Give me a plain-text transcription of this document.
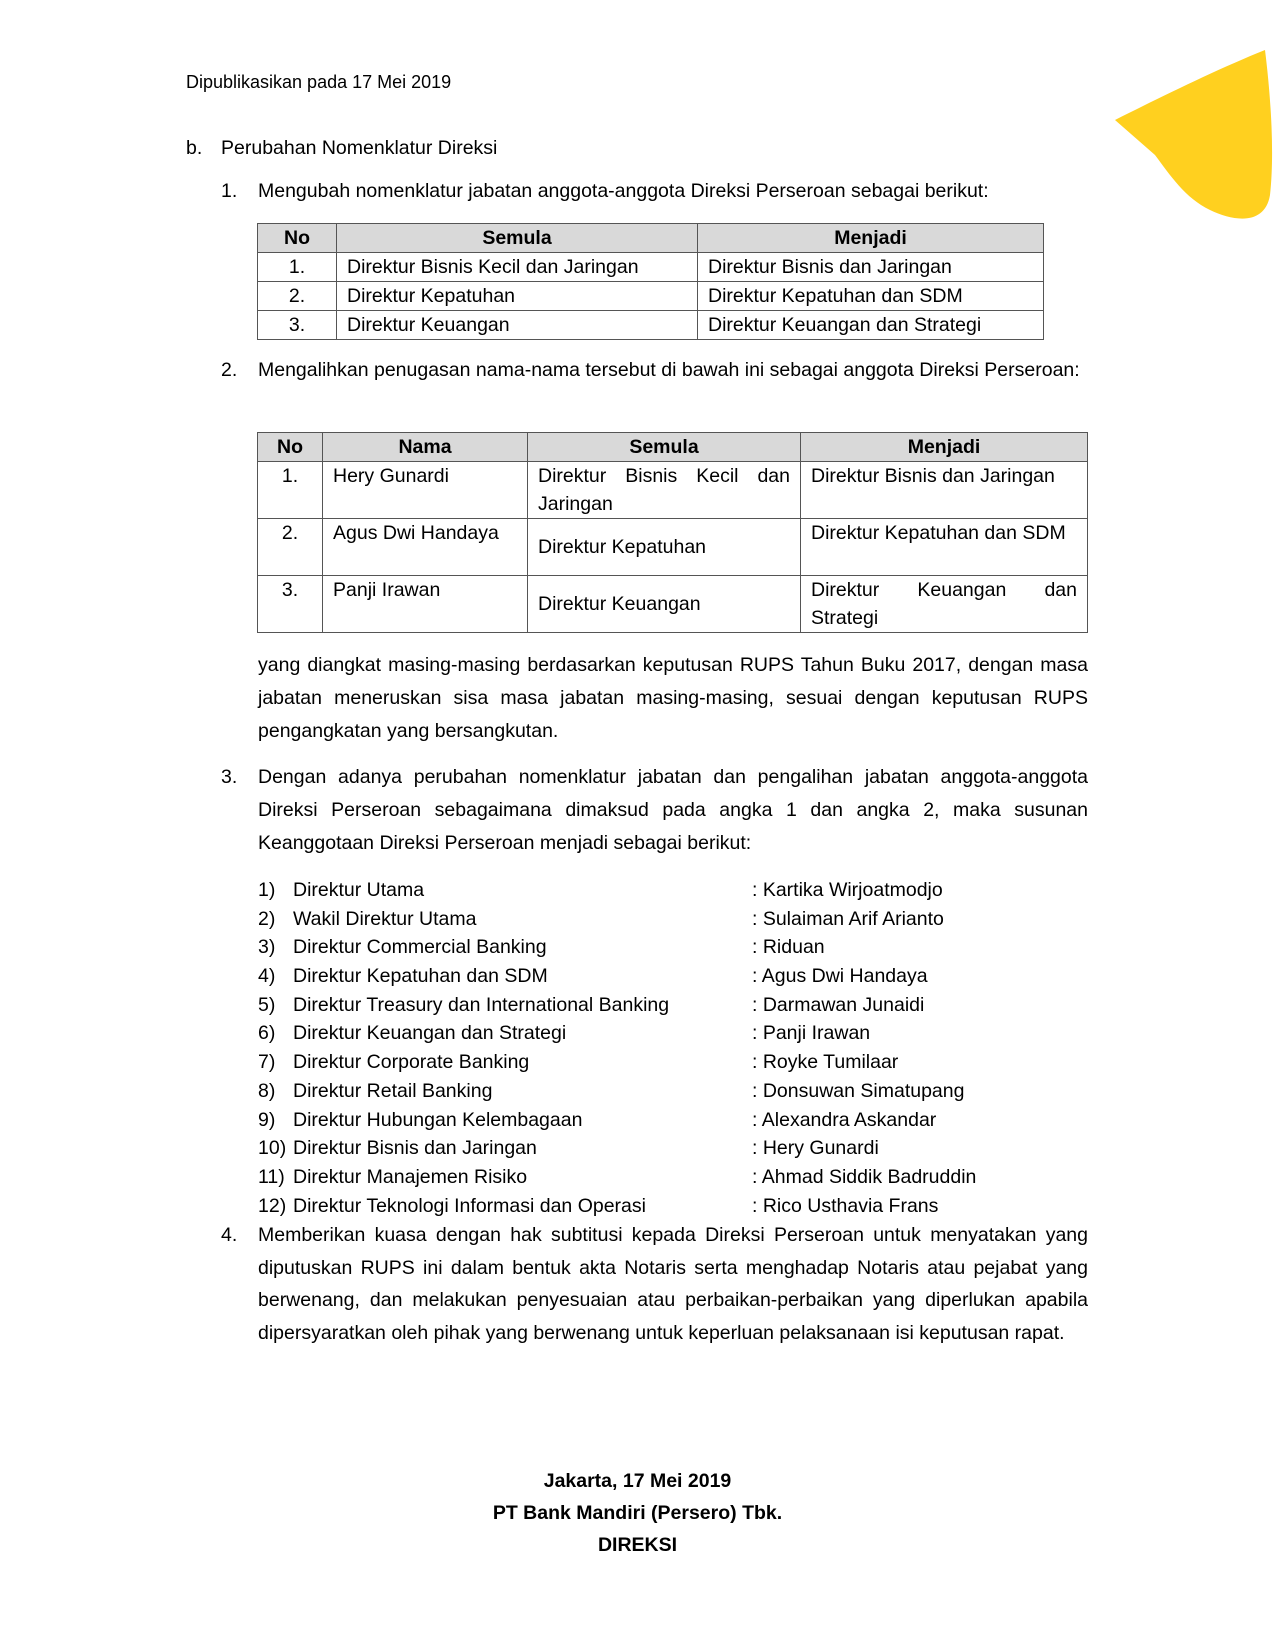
Dipublikasikan pada 17 Mei 2019
b. Perubahan Nomenklatur Direksi
1. Mengubah nomenklatur jabatan anggota-anggota Direksi Perseroan sebagai berikut:
No	Semula	Menjadi
1.	Direktur Bisnis Kecil dan Jaringan	Direktur Bisnis dan Jaringan
2.	Direktur Kepatuhan	Direktur Kepatuhan dan SDM
3.	Direktur Keuangan	Direktur Keuangan dan Strategi
2. Mengalihkan penugasan nama-nama tersebut di bawah ini sebagai anggota Direksi Perseroan:
No	Nama	Semula	Menjadi
1.	Hery Gunardi	Direktur Bisnis Kecil dan Jaringan	Direktur Bisnis dan Jaringan
2.	Agus Dwi Handaya	Direktur Kepatuhan	Direktur Kepatuhan dan SDM
3.	Panji Irawan	Direktur Keuangan	Direktur Keuangan dan Strategi
yang diangkat masing-masing berdasarkan keputusan RUPS Tahun Buku 2017, dengan masa jabatan meneruskan sisa masa jabatan masing-masing, sesuai dengan keputusan RUPS pengangkatan yang bersangkutan.
3. Dengan adanya perubahan nomenklatur jabatan dan pengalihan jabatan anggota-anggota Direksi Perseroan sebagaimana dimaksud pada angka 1 dan angka 2, maka susunan Keanggotaan Direksi Perseroan menjadi sebagai berikut:
1) Direktur Utama	: Kartika Wirjoatmodjo
2) Wakil Direktur Utama	: Sulaiman Arif Arianto
3) Direktur Commercial Banking	: Riduan
4) Direktur Kepatuhan dan SDM	: Agus Dwi Handaya
5) Direktur Treasury dan International Banking	: Darmawan Junaidi
6) Direktur Keuangan dan Strategi	: Panji Irawan
7) Direktur Corporate Banking	: Royke Tumilaar
8) Direktur Retail Banking	: Donsuwan Simatupang
9) Direktur Hubungan Kelembagaan	: Alexandra Askandar
10) Direktur Bisnis dan Jaringan	: Hery Gunardi
11) Direktur Manajemen Risiko	: Ahmad Siddik Badruddin
12) Direktur Teknologi Informasi dan Operasi	: Rico Usthavia Frans
4. Memberikan kuasa dengan hak subtitusi kepada Direksi Perseroan untuk menyatakan yang diputuskan RUPS ini dalam bentuk akta Notaris serta menghadap Notaris atau pejabat yang berwenang, dan melakukan penyesuaian atau perbaikan-perbaikan yang diperlukan apabila dipersyaratkan oleh pihak yang berwenang untuk keperluan pelaksanaan isi keputusan rapat.
Jakarta, 17 Mei 2019
PT Bank Mandiri (Persero) Tbk.
DIREKSI
